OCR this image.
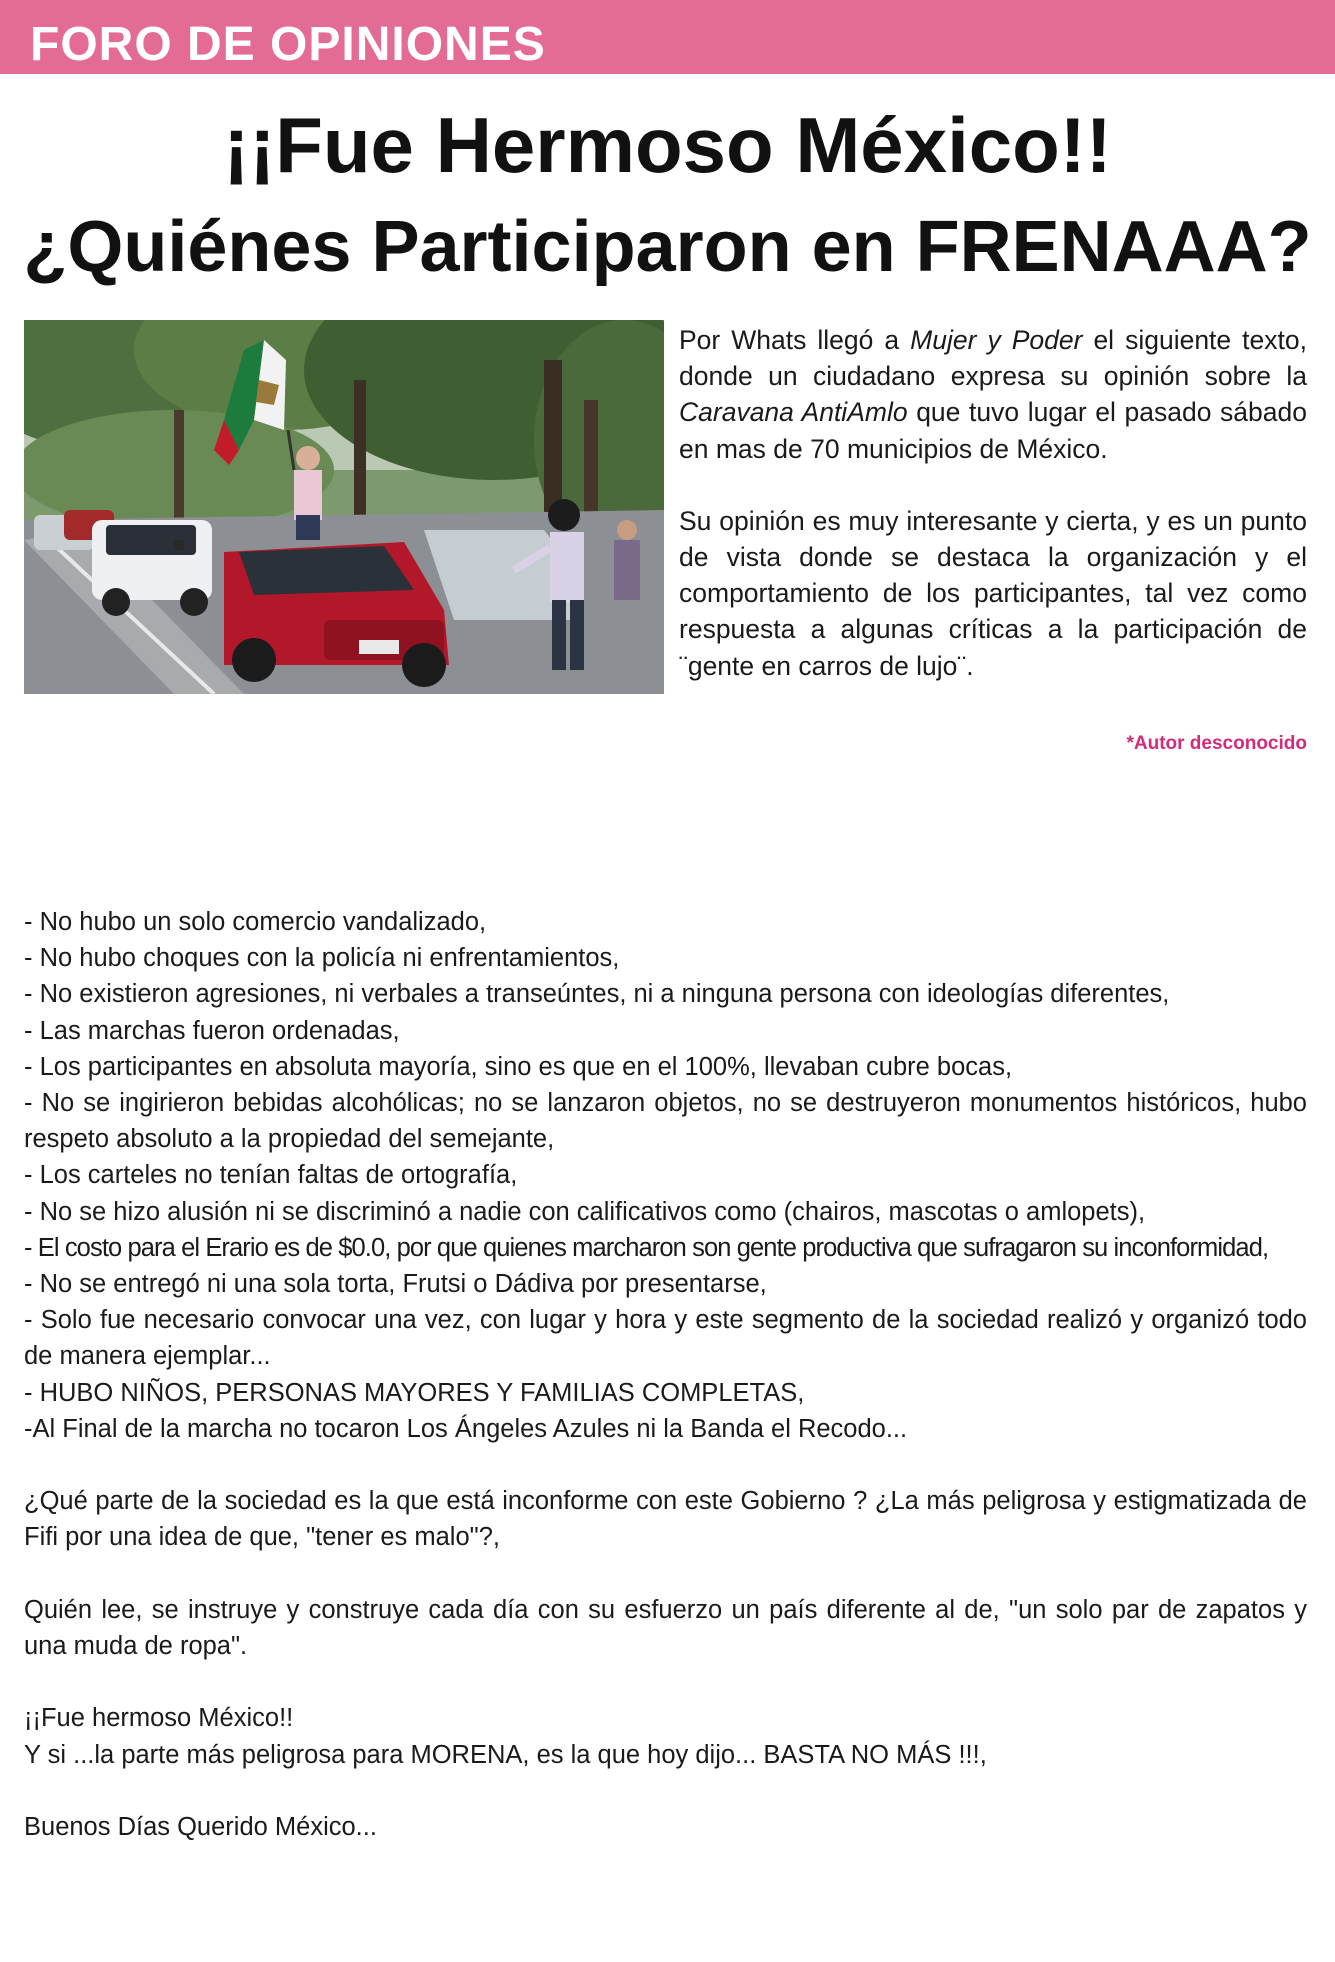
FORO DE OPINIONES
¡¡Fue Hermoso México!!
¿Quiénes Participaron en FRENAAA?

Por Whats llegó a Mujer y Poder el siguiente texto, donde un ciudadano expresa su opinión sobre la Caravana AntiAmlo que tuvo lugar el pasado sábado en mas de 70 municipios de México.

Su opinión es muy interesante y cierta, y es un punto de vista donde se destaca la organización y el comportamiento de los participantes, tal vez como respuesta a algunas críticas a la participación de ¨gente en carros de lujo¨.

*Autor desconocido
- No hubo un solo comercio vandalizado,
- No hubo choques con la policía ni enfrentamientos,
- No existieron agresiones, ni verbales a transeúntes, ni a ninguna persona con ideologías diferentes,
- Las marchas fueron ordenadas,
- Los participantes en absoluta mayoría, sino es que en el 100%, llevaban cubre bocas,
- No se ingirieron bebidas alcohólicas; no se lanzaron objetos, no se destruyeron monumentos históricos, hubo respeto absoluto a la propiedad del semejante,
- Los carteles no tenían faltas de ortografía,
- No se hizo alusión ni se discriminó a nadie con calificativos como (chairos, mascotas o amlopets),
- El costo para el Erario es de $0.0, por que quienes marcharon son gente productiva que sufragaron su inconformidad,
- No se entregó ni una sola torta, Frutsi o Dádiva por presentarse,
- Solo fue necesario convocar una vez, con lugar y hora y este segmento de la sociedad realizó y organizó todo de manera ejemplar...
- HUBO NIÑOS, PERSONAS MAYORES Y FAMILIAS COMPLETAS,
-Al Final de la marcha no tocaron Los Ángeles Azules ni la Banda el Recodo...
¿Qué parte de la sociedad es la que está inconforme con este Gobierno ? ¿La más peligrosa y estigmatizada de Fifi por una idea de que, "tener es malo"?,
Quién lee, se instruye y construye cada día con su esfuerzo un país diferente al de, "un solo par de zapatos y una muda de ropa".
¡¡Fue hermoso México!!
Y si ...la parte más peligrosa para MORENA, es la que hoy dijo... BASTA NO MÁS !!!,
Buenos Días Querido México...
